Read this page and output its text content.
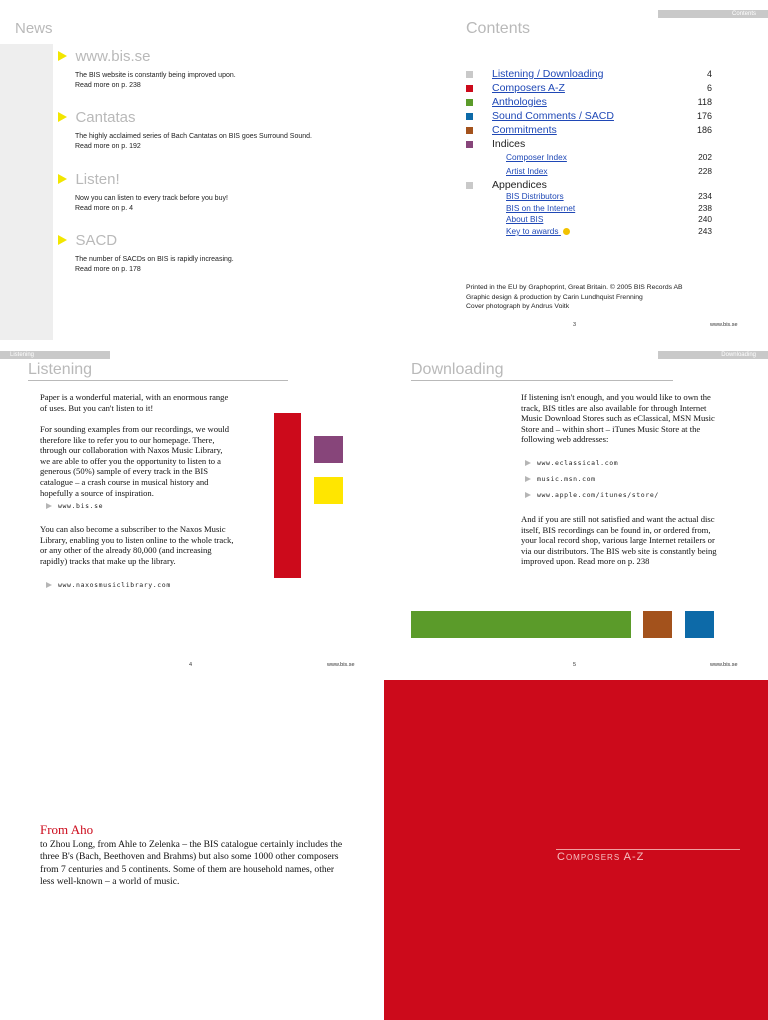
News
www.bis.se
The BIS website is constantly being improved upon.
Read more on p. 238
Cantatas
The highly acclaimed series of Bach Cantatas on BIS goes Surround Sound.
Read more on p. 192
Listen!
Now you can listen to every track before you buy!
Read more on p. 4
SACD
The number of SACDs on BIS is rapidly increasing.
Read more on p. 178
Contents
Contents
Listening / Downloading	4
Composers A-Z	6
Anthologies	118
Sound Comments / SACD	176
Commitments	186
Indices
Composer Index	202
Artist Index	228
Appendices
BIS Distributors	234
BIS on the Internet	238
About BIS	240
Key to awards	243
Printed in the EU by Graphoprint, Great Britain. © 2005 BIS Records AB
Graphic design & production by Carin Lundhquist Frenning
Cover photograph by Andrus Voitk
3	www.bis.se
Listening
Listening
Paper is a wonderful material, with an enormous range of uses. But you can't listen to it!
For sounding examples from our recordings, we would therefore like to refer you to our homepage. There, through our collaboration with Naxos Music Library, we are able to offer you the opportunity to listen to a generous (50%) sample of every track in the BIS catalogue – a crash course in musical history and hopefully a source of inspiration.
www.bis.se
You can also become a subscriber to the Naxos Music Library, enabling you to listen online to the whole track, or any other of the already 80,000 (and increasing rapidly) tracks that make up the library.
www.naxosmusiclibrary.com
4	www.bis.se
Downloading
Downloading
If listening isn't enough, and you would like to own the track, BIS titles are also available for through Internet Music Download Stores such as eClassical, MSN Music Store and – within short – iTunes Music Store at the following web addresses:
www.eclassical.com
music.msn.com
www.apple.com/itunes/store/
And if you are still not satisfied and want the actual disc itself, BIS recordings can be found in, or ordered from, your local record shop, various large Internet retailers or via our distributors. The BIS web site is constantly being improved upon. Read more on p. 238
5	www.bis.se
From Aho
to Zhou Long, from Ahle to Zelenka – the BIS catalogue certainly includes the three B's (Bach, Beethoven and Brahms) but also some 1000 other composers from 7 centuries and 5 continents. Some of them are household names, other less well-known – a world of music.
Composers A-Z
